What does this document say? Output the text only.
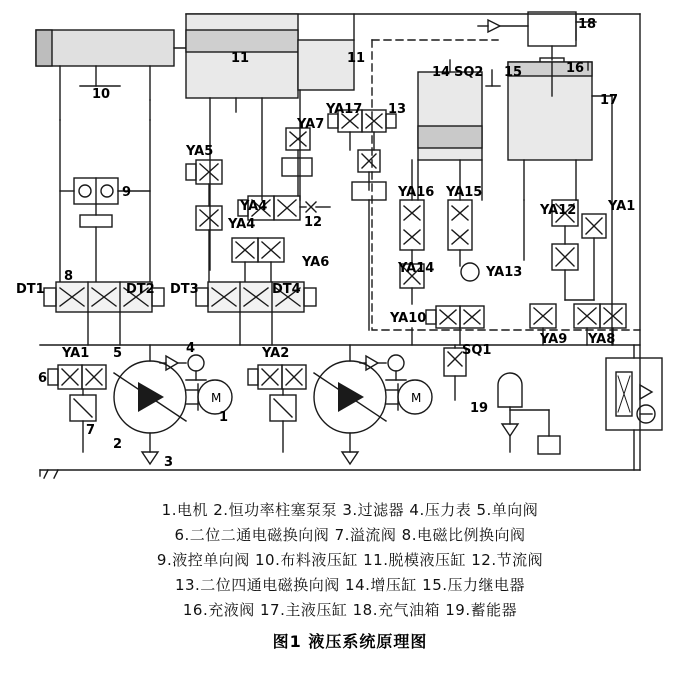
10
11	11
9
YA17 13
YA7
YA5
YA4
YA4	12
YA6
DT1
8
DT2 DT3	DT4
YA1
6
7
5	4
2
3
1
YA2
14 SQ2 15	16
18
17
YA16 YA15
YA14	YA13
YA10
SQ1
19
YA12 YA1
YA9 YA8
M	M
1.电机 2.恒功率柱塞泵泵 3.过滤器 4.压力表 5.单向阀
6.二位二通电磁换向阀 7.溢流阀 8.电磁比例换向阀
9.液控单向阀 10.布料液压缸 11.脱模液压缸 12.节流阀
13.二位四通电磁换向阀 14.增压缸 15.压力继电器
16.充液阀 17.主液压缸 18.充气油箱 19.蓄能器
图1 液压系统原理图
